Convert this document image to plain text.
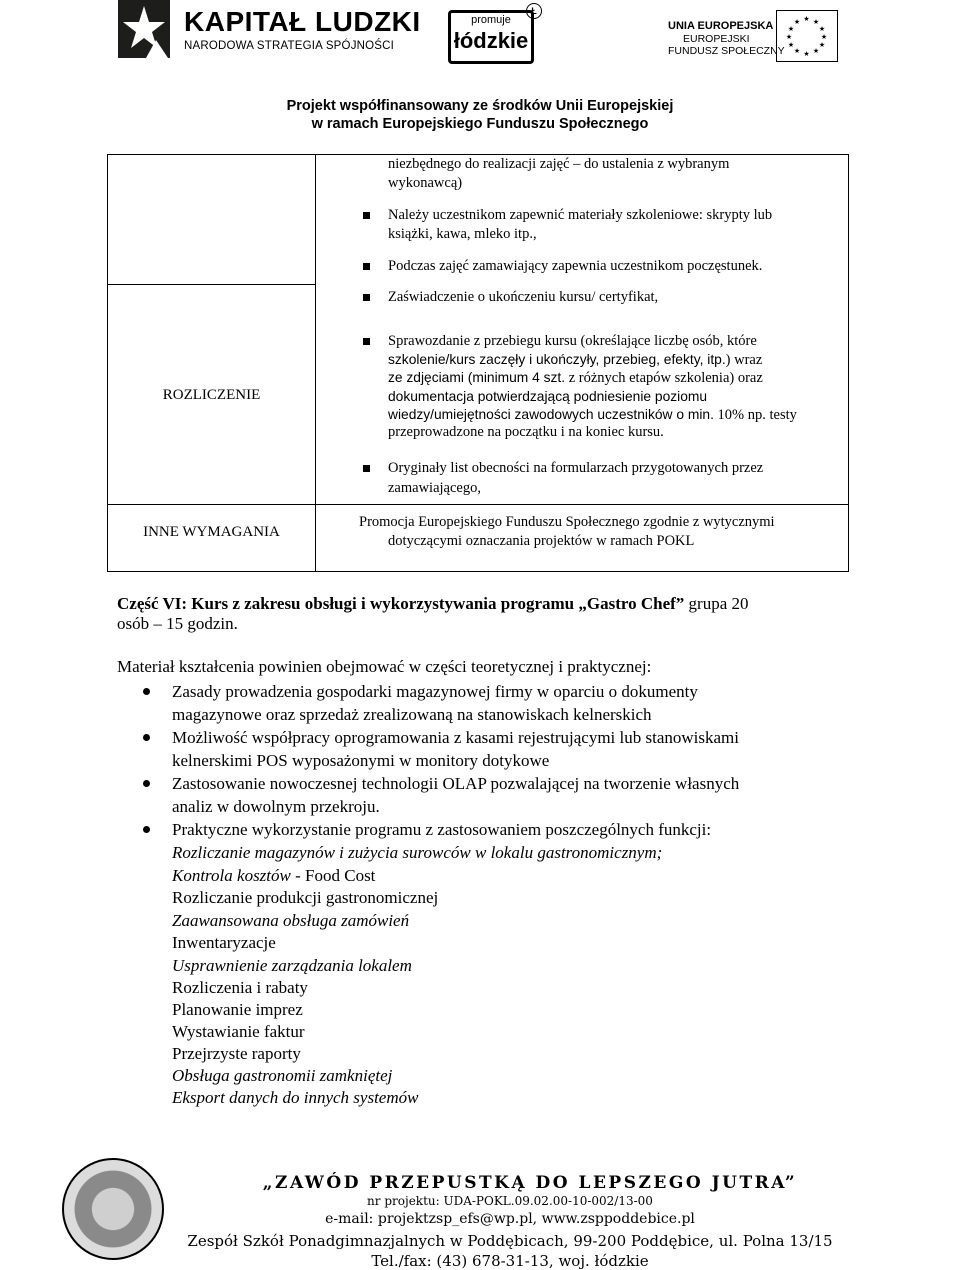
KAPITAŁ LUDZKI
NARODOWA STRATEGIA SPÓJNOŚCI
promuje
łódzkie
Ł
UNIA EUROPEJSKA
EUROPEJSKI
FUNDUSZ SPOŁECZNY
★ ★
★
★
★
★
★
★
★
★
★
★
Projekt współfinansowany ze środków Unii Europejskiej
w ramach Europejskiego Funduszu Społecznego
niezbędnego do realizacji zajęć – do ustalenia z wybranym
wykonawcą)
Należy uczestnikom zapewnić materiały szkoleniowe: skrypty lub
książki, kawa, mleko itp.,
Podczas zajęć zamawiający zapewnia uczestnikom poczęstunek.
ROZLICZENIE
Zaświadczenie o ukończeniu kursu/ certyfikat,
Sprawozdanie z przebiegu kursu (określające liczbę osób, które
szkolenie/kurs zaczęły i ukończyły, przebieg, efekty, itp.) wraz
ze zdjęciami (minimum 4 szt. z różnych etapów szkolenia) oraz
dokumentacja potwierdzającą podniesienie poziomu
wiedzy/umiejętności zawodowych uczestników o min. 10% np. testy
przeprowadzone na początku i na koniec kursu.
Oryginały list obecności na formularzach przygotowanych przez
zamawiającego,
INNE WYMAGANIA
Promocja Europejskiego Funduszu Społecznego zgodnie z wytycznymi
dotyczącymi oznaczania projektów w ramach POKL
Część VI: Kurs z zakresu obsługi i wykorzystywania programu „Gastro Chef” grupa 20
osób – 15 godzin.
Materiał kształcenia powinien obejmować w części teoretycznej i praktycznej:
Zasady prowadzenia gospodarki magazynowej firmy w oparciu o dokumenty
magazynowe oraz sprzedaż zrealizowaną na stanowiskach kelnerskich
Możliwość współpracy oprogramowania z kasami rejestrującymi lub stanowiskami
kelnerskimi POS wyposażonymi w monitory dotykowe
Zastosowanie nowoczesnej technologii OLAP pozwalającej na tworzenie własnych
analiz w dowolnym przekroju.
Praktyczne wykorzystanie programu z zastosowaniem poszczególnych funkcji:
Rozliczanie magazynów i zużycia surowców w lokalu gastronomicznym;
Kontrola kosztów - Food Cost
Rozliczanie produkcji gastronomicznej
Zaawansowana obsługa zamówień
Inwentaryzacje
Usprawnienie zarządzania lokalem
Rozliczenia i rabaty
Planowanie imprez
Wystawianie faktur
Przejrzyste raporty
Obsługa gastronomii zamkniętej
Eksport danych do innych systemów
„ZAWÓD PRZEPUSTKĄ DO LEPSZEGO JUTRA”
nr projektu: UDA-POKL.09.02.00-10-002/13-00
e-mail: projektzsp_efs@wp.pl, www.zsppoddebice.pl
Zespół Szkół Ponadgimnazjalnych w Poddębicach, 99-200 Poddębice, ul. Polna 13/15
Tel./fax: (43) 678-31-13, woj. łódzkie
